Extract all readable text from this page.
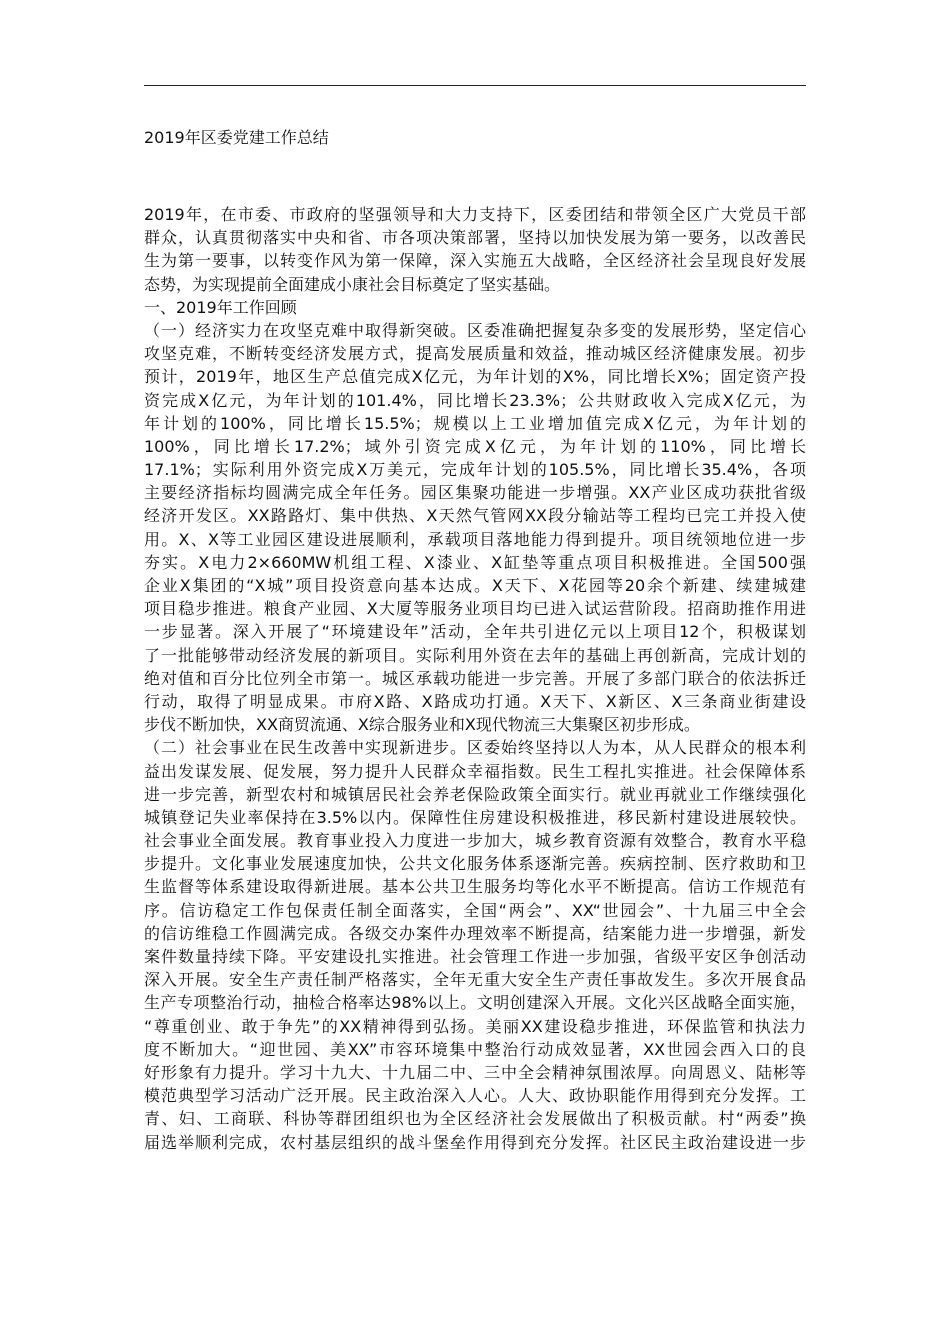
2019年区委党建工作总结
2019年，在市委、市政府的坚强领导和大力支持下，区委团结和带领全区广大党员干部
群众，认真贯彻落实中央和省、市各项决策部署，坚持以加快发展为第一要务，以改善民
生为第一要事，以转变作风为第一保障，深入实施五大战略，全区经济社会呈现良好发展
态势，为实现提前全面建成小康社会目标奠定了坚实基础。
一、2019年工作回顾
（一）经济实力在攻坚克难中取得新突破。区委准确把握复杂多变的发展形势，坚定信心
攻坚克难，不断转变经济发展方式，提高发展质量和效益，推动城区经济健康发展。初步
预计，2019年，地区生产总值完成X亿元，为年计划的X%，同比增长X%；固定资产投
资完成X亿元，为年计划的101.4%，同比增长23.3%；公共财政收入完成X亿元，为
年计划的100%，同比增长15.5%；规模以上工业增加值完成X亿元，为年计划的
100%，同比增长17.2%；域外引资完成X亿元，为年计划的110%，同比增长
17.1%；实际利用外资完成X万美元，完成年计划的105.5%，同比增长35.4%，各项
主要经济指标均圆满完成全年任务。园区集聚功能进一步增强。XX产业区成功获批省级
经济开发区。XX路路灯、集中供热、X天然气管网XX段分输站等工程均已完工并投入使
用。X、X等工业园区建设进展顺利，承载项目落地能力得到提升。项目统领地位进一步
夯实。X电力2×660MW机组工程、X漆业、X缸垫等重点项目积极推进。全国500强
企业X集团的“X城”项目投资意向基本达成。X天下、X花园等20余个新建、续建城建
项目稳步推进。粮食产业园、X大厦等服务业项目均已进入试运营阶段。招商助推作用进
一步显著。深入开展了“环境建设年”活动，全年共引进亿元以上项目12个，积极谋划
了一批能够带动经济发展的新项目。实际利用外资在去年的基础上再创新高，完成计划的
绝对值和百分比位列全市第一。城区承载功能进一步完善。开展了多部门联合的依法拆迁
行动，取得了明显成果。市府X路、X路成功打通。X天下、X新区、X三条商业街建设
步伐不断加快，XX商贸流通、X综合服务业和X现代物流三大集聚区初步形成。
（二）社会事业在民生改善中实现新进步。区委始终坚持以人为本，从人民群众的根本利
益出发谋发展、促发展，努力提升人民群众幸福指数。民生工程扎实推进。社会保障体系
进一步完善，新型农村和城镇居民社会养老保险政策全面实行。就业再就业工作继续强化
城镇登记失业率保持在3.5%以内。保障性住房建设积极推进，移民新村建设进展较快。
社会事业全面发展。教育事业投入力度进一步加大，城乡教育资源有效整合，教育水平稳
步提升。文化事业发展速度加快，公共文化服务体系逐渐完善。疾病控制、医疗救助和卫
生监督等体系建设取得新进展。基本公共卫生服务均等化水平不断提高。信访工作规范有
序。信访稳定工作包保责任制全面落实，全国“两会”、XX“世园会”、十九届三中全会
的信访维稳工作圆满完成。各级交办案件办理效率不断提高，结案能力进一步增强，新发
案件数量持续下降。平安建设扎实推进。社会管理工作进一步加强，省级平安区争创活动
深入开展。安全生产责任制严格落实，全年无重大安全生产责任事故发生。多次开展食品
生产专项整治行动，抽检合格率达98%以上。文明创建深入开展。文化兴区战略全面实施，
“尊重创业、敢于争先”的XX精神得到弘扬。美丽XX建设稳步推进，环保监管和执法力
度不断加大。“迎世园、美XX”市容环境集中整治行动成效显著，XX世园会西入口的良
好形象有力提升。学习十九大、十九届二中、三中全会精神氛围浓厚。向周恩义、陆彬等
模范典型学习活动广泛开展。民主政治深入人心。人大、政协职能作用得到充分发挥。工
青、妇、工商联、科协等群团组织也为全区经济社会发展做出了积极贡献。村“两委”换
届选举顺利完成，农村基层组织的战斗堡垒作用得到充分发挥。社区民主政治建设进一步
